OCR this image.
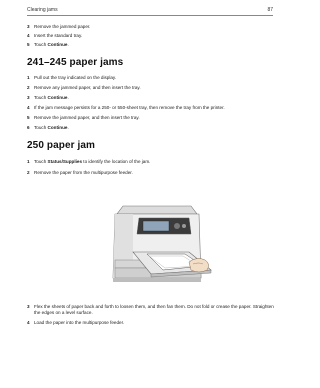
Clearing jams	87
3 Remove the jammed paper.
4 Insert the standard tray.
5 Touch Continue.
241–245 paper jams
1 Pull out the tray indicated on the display.
2 Remove any jammed paper, and then insert the tray.
3 Touch Continue.
4 If the jam message persists for a 250- or 550-sheet tray, then remove the tray from the printer.
5 Remove the jammed paper, and then insert the tray.
6 Touch Continue.
250 paper jam
1 Touch Status/Supplies to identify the location of the jam.
2 Remove the paper from the multipurpose feeder.
3 Flex the sheets of paper back and forth to loosen them, and then fan them. Do not fold or crease the paper. Straighten the edges on a level surface.
4 Load the paper into the multipurpose feeder.
